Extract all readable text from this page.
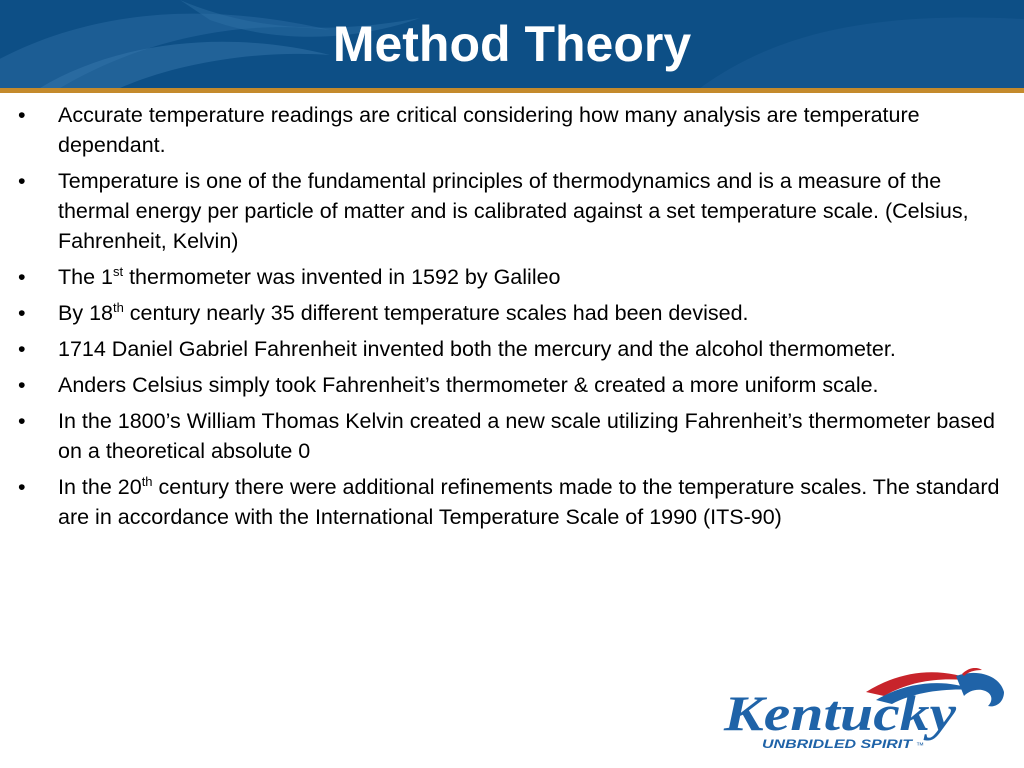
Method Theory
• Accurate temperature readings are critical considering how many analysis are temperature dependant.
• Temperature is one of the fundamental principles of thermodynamics and is a measure of the thermal energy per particle of matter and is calibrated against a set temperature scale. (Celsius, Fahrenheit, Kelvin)
• The 1st thermometer was invented in 1592 by Galileo
• By 18th century nearly 35 different temperature scales had been devised.
• 1714 Daniel Gabriel Fahrenheit invented both the mercury and the alcohol thermometer.
• Anders Celsius simply took Fahrenheit’s thermometer & created a more uniform scale.
• In the 1800’s William Thomas Kelvin created a new scale utilizing Fahrenheit’s thermometer based on a theoretical absolute 0
• In the 20th century there were additional refinements made to the temperature scales. The standard are in accordance with the International Temperature Scale of 1990 (ITS-90)
Kentucky
UNBRIDLED SPIRIT ™
